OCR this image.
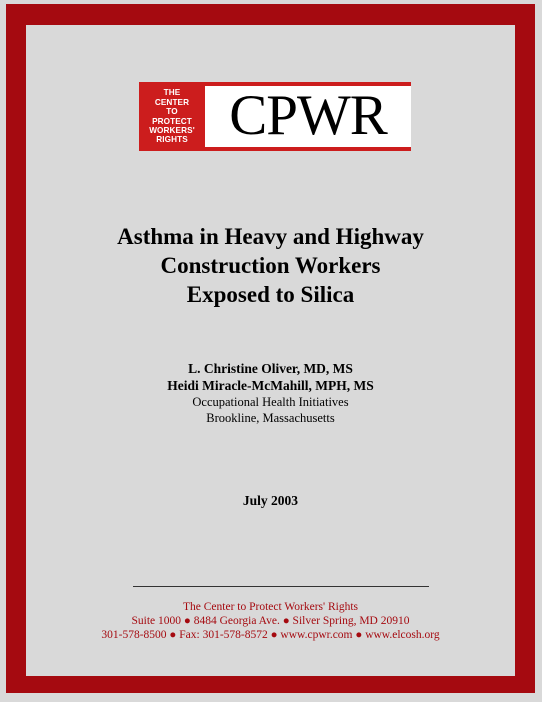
THE
CENTER
TO
PROTECT
WORKERS'
RIGHTS CPWR
Asthma in Heavy and Highway
Construction Workers
Exposed to Silica
L. Christine Oliver, MD, MS
Heidi Miracle-McMahill, MPH, MS
Occupational Health Initiatives
Brookline, Massachusetts
July 2003
The Center to Protect Workers' Rights
Suite 1000 ● 8484 Georgia Ave. ● Silver Spring, MD 20910
301-578-8500 ● Fax: 301-578-8572 ● www.cpwr.com ● www.elcosh.org
